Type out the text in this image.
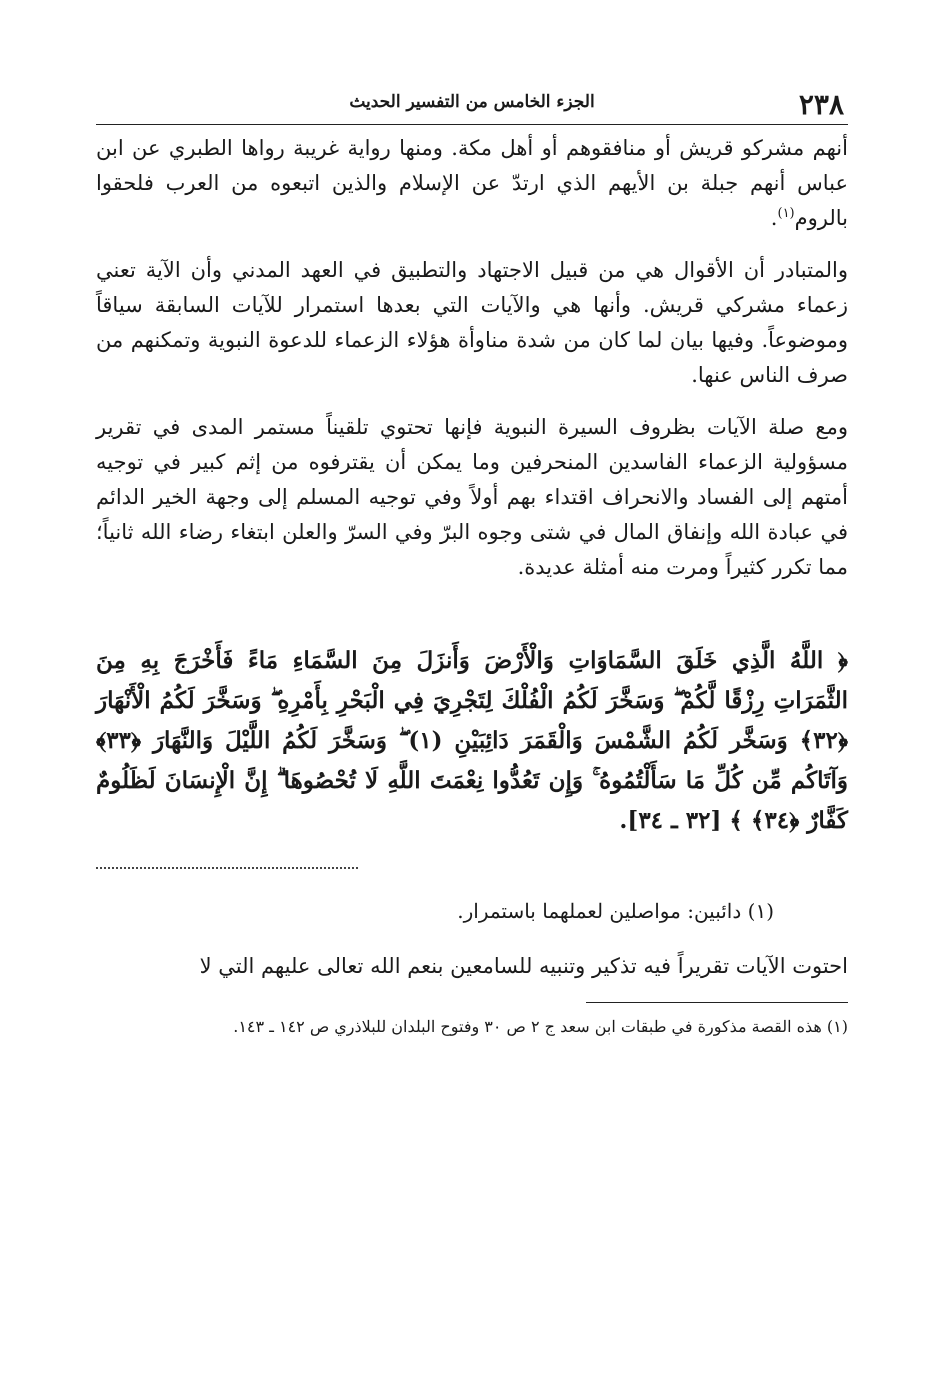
٢٣٨
الجزء الخامس من التفسير الحديث

أنهم مشركو قريش أو منافقوهم أو أهل مكة. ومنها رواية غريبة رواها الطبري عن ابن عباس أنهم جبلة بن الأيهم الذي ارتدّ عن الإسلام والذين اتبعوه من العرب فلحقوا بالروم$^{(١)}$.

والمتبادر أن الأقوال هي من قبيل الاجتهاد والتطبيق في العهد المدني وأن الآية تعني زعماء مشركي قريش. وأنها هي والآيات التي بعدها استمرار للآيات السابقة سياقاً وموضوعاً. وفيها بيان لما كان من شدة مناوأة هؤلاء الزعماء للدعوة النبوية وتمكنهم من صرف الناس عنها.

ومع صلة الآيات بظروف السيرة النبوية فإنها تحتوي تلقيناً مستمر المدى في تقرير مسؤولية الزعماء الفاسدين المنحرفين وما يمكن أن يقترفوه من إثم كبير في توجيه أمتهم إلى الفساد والانحراف اقتداء بهم أولاً وفي توجيه المسلم إلى وجهة الخير الدائم في عبادة الله وإنفاق المال في شتى وجوه البرّ وفي السرّ والعلن ابتغاء رضاء الله ثانياً؛ مما تكرر كثيراً ومرت منه أمثلة عديدة.

﴿ اللَّهُ الَّذِي خَلَقَ السَّمَاوَاتِ وَالْأَرْضَ وَأَنزَلَ مِنَ السَّمَاءِ مَاءً فَأَخْرَجَ بِهِ مِنَ الثَّمَرَاتِ رِزْقًا لَّكُمْ ۖ وَسَخَّرَ لَكُمُ الْفُلْكَ لِتَجْرِيَ فِي الْبَحْرِ بِأَمْرِهِ ۖ وَسَخَّرَ لَكُمُ الْأَنْهَارَ ﴿٣٢﴾ وَسَخَّر لَكُمُ الشَّمْسَ وَالْقَمَرَ دَائِبَيْنِ (١) ۖ وَسَخَّرَ لَكُمُ اللَّيْلَ وَالنَّهَارَ ﴿٣٣﴾ وَآتَاكُم مِّن كُلِّ مَا سَأَلْتُمُوهُ ۚ وَإِن تَعُدُّوا نِعْمَتَ اللَّهِ لَا تُحْصُوهَا ۗ إِنَّ الْإِنسَانَ لَظَلُومٌ كَفَّارٌ ﴿٣٤﴾ ﴾ [٣٢ ـ ٣٤].

(١) دائبين: مواصلين لعملهما باستمرار.

احتوت الآيات تقريراً فيه تذكير وتنبيه للسامعين بنعم الله تعالى عليهم التي لا

(١) هذه القصة مذكورة في طبقات ابن سعد ج ٢ ص ٣٠ وفتوح البلدان للبلاذري ص ١٤٢ ـ ١٤٣.
